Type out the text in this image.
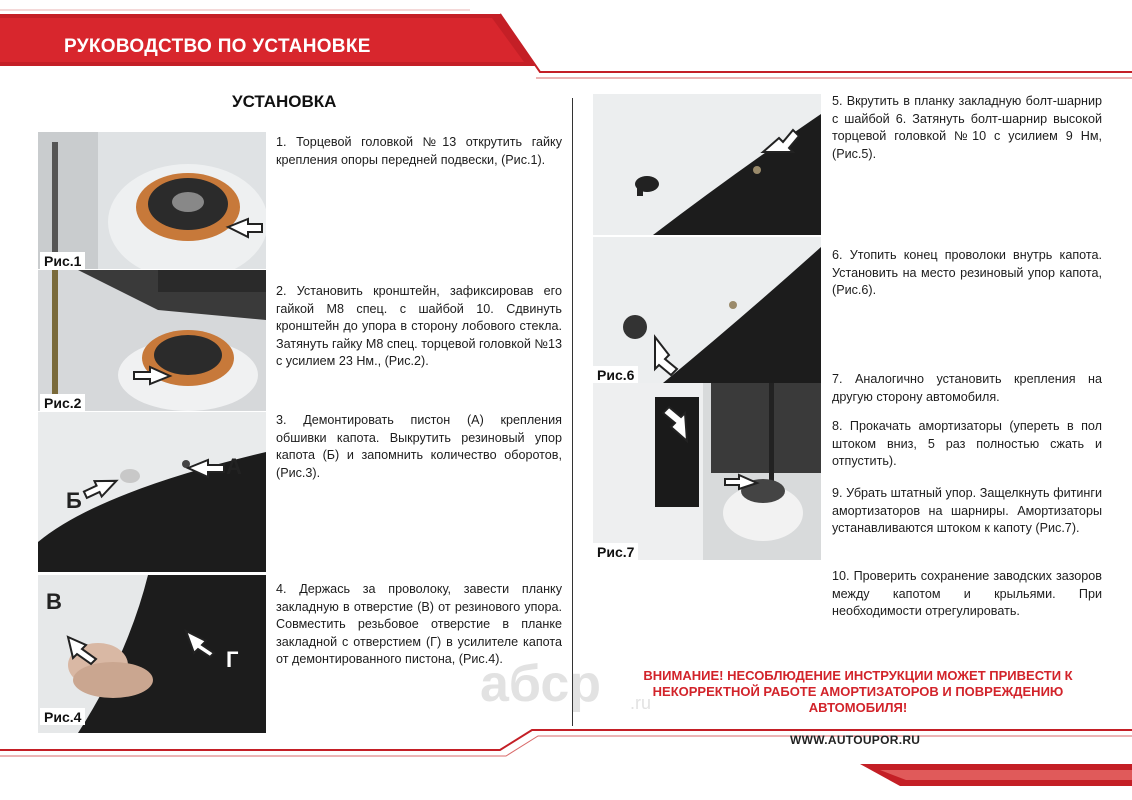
РУКОВОДСТВО ПО УСТАНОВКЕ
УСТАНОВКА
Рис.1
1. Торцевой головкой №13 открутить гайку крепления опоры передней подвески, (Рис.1).
Рис.2
2. Установить кронштейн, зафиксировав его гайкой М8 спец. с шайбой 10. Сдвинуть кронштейн до упора в сторону лобового стекла. Затянуть гайку М8 спец. торцевой головкой №13 с усилием 23 Нм., (Рис.2).
А
Б
3. Демонтировать пистон (А) крепления обшивки капота. Выкрутить резиновый упор капота (Б) и запомнить количество оборотов, (Рис.3).
В
Г
Рис.4
4. Держась за проволоку, завести планку закладную в отверстие (В) от резинового упора. Совместить резьбовое отверстие в планке закладной с отверстием (Г) в усилителе капота от демонтированного пистона, (Рис.4).
5. Вкрутить в планку закладную болт-шарнир с шайбой 6. Затянуть болт-шарнир высокой торцевой головкой №10 с усилием 9 Нм, (Рис.5).
Рис.6
6. Утопить конец проволоки внутрь капота. Установить на место резиновый упор капота, (Рис.6).
Рис.7
7. Аналогично установить крепления на другую сторону автомобиля.
8. Прокачать амортизаторы (упереть в пол штоком вниз, 5 раз полностью сжать и отпустить).
9. Убрать штатный упор. Защелкнуть фитинги амортизаторов на шарниры. Амортизаторы устанавливаются штоком к капоту (Рис.7).
10. Проверить сохранение заводских зазоров между капотом и крыльями. При необходимости отрегулировать.
абср .ru
ВНИМАНИЕ! НЕСОБЛЮДЕНИЕ ИНСТРУКЦИИ МОЖЕТ ПРИВЕСТИ К НЕКОРРЕКТНОЙ РАБОТЕ АМОРТИЗАТОРОВ И ПОВРЕЖДЕНИЮ АВТОМОБИЛЯ!
WWW.AUTOUPOR.RU
